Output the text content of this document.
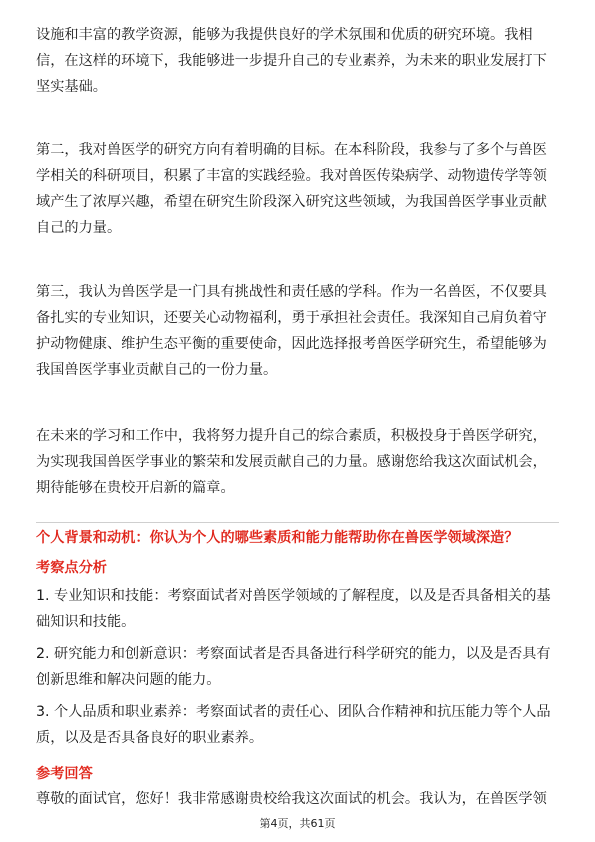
设施和丰富的教学资源，能够为我提供良好的学术氛围和优质的研究环境。我相
信，在这样的环境下，我能够进一步提升自己的专业素养，为未来的职业发展打下
坚实基础。
第二，我对兽医学的研究方向有着明确的目标。在本科阶段，我参与了多个与兽医
学相关的科研项目，积累了丰富的实践经验。我对兽医传染病学、动物遗传学等领
域产生了浓厚兴趣，希望在研究生阶段深入研究这些领域，为我国兽医学事业贡献
自己的力量。
第三，我认为兽医学是一门具有挑战性和责任感的学科。作为一名兽医，不仅要具
备扎实的专业知识，还要关心动物福利，勇于承担社会责任。我深知自己肩负着守
护动物健康、维护生态平衡的重要使命，因此选择报考兽医学研究生，希望能够为
我国兽医学事业贡献自己的一份力量。
在未来的学习和工作中，我将努力提升自己的综合素质，积极投身于兽医学研究，
为实现我国兽医学事业的繁荣和发展贡献自己的力量。感谢您给我这次面试机会，
期待能够在贵校开启新的篇章。
个人背景和动机：你认为个人的哪些素质和能力能帮助你在兽医学领域深造？
考察点分析
1. 专业知识和技能：考察面试者对兽医学领域的了解程度，以及是否具备相关的基
础知识和技能。
2. 研究能力和创新意识：考察面试者是否具备进行科学研究的能力，以及是否具有
创新思维和解决问题的能力。
3. 个人品质和职业素养：考察面试者的责任心、团队合作精神和抗压能力等个人品
质，以及是否具备良好的职业素养。
参考回答
尊敬的面试官，您好！我非常感谢贵校给我这次面试的机会。我认为，在兽医学领
第4页，共61页
